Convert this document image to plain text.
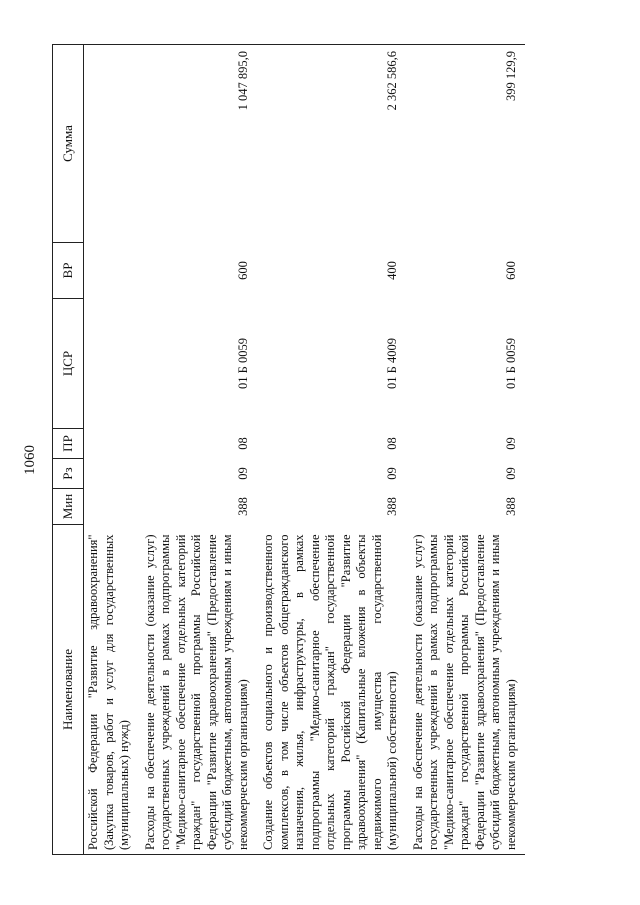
1060
Наименование	Мин	Рз	ПР	ЦСР	ВР	Сумма
Российской Федерации "Развитие здравоохранения" (Закупка товаров, работ и услуг для государственных (муниципальных) нужд)						
Расходы на обеспечение деятельности (оказание услуг) государственных учреждений в рамках подпрограммы "Медико-санитарное обеспечение отдельных категорий граждан" государственной программы Российской Федерации "Развитие здравоохранения" (Предоставление субсидий бюджетным, автономным учреждениям и иным некоммерческим организациям)	388	09	08	01 Б 0059	600	1 047 895,0
Создание объектов социального и производственного комплексов, в том числе объектов общегражданского назначения, жилья, инфраструктуры, в рамках подпрограммы "Медико-санитарное обеспечение отдельных категорий граждан" государственной программы Российской Федерации "Развитие здравоохранения" (Капитальные вложения в объекты недвижимого имущества государственной (муниципальной) собственности)	388	09	08	01 Б 4009	400	2 362 586,6
Расходы на обеспечение деятельности (оказание услуг) государственных учреждений в рамках подпрограммы "Медико-санитарное обеспечение отдельных категорий граждан" государственной программы Российской Федерации "Развитие здравоохранения" (Предоставление субсидий бюджетным, автономным учреждениям и иным некоммерческим организациям)	388	09	09	01 Б 0059	600	399 129,9
